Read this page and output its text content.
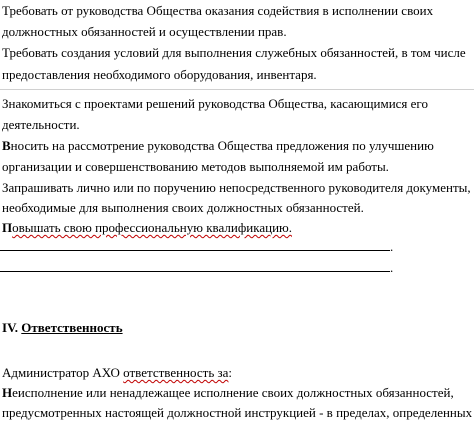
Требовать от руководства Общества оказания содействия в исполнении своих
должностных обязанностей и осуществлении прав.
Требовать создания условий для выполнения служебных обязанностей, в том числе
предоставления необходимого оборудования, инвентаря.
Знакомиться с проектами решений руководства Общества, касающимися его
деятельности.
Вносить на рассмотрение руководства Общества предложения по улучшению
организации и совершенствованию методов выполняемой им работы.
Запрашивать лично или по поручению непосредственного руководителя документы,
необходимые для выполнения своих должностных обязанностей.
Повышать свою профессиональную квалификацию.
.
.
IV. Ответственность
Администратор АХО ответственность за:
Неисполнение или ненадлежащее исполнение своих должностных обязанностей,
предусмотренных настоящей должностной инструкцией - в пределах, определенных
